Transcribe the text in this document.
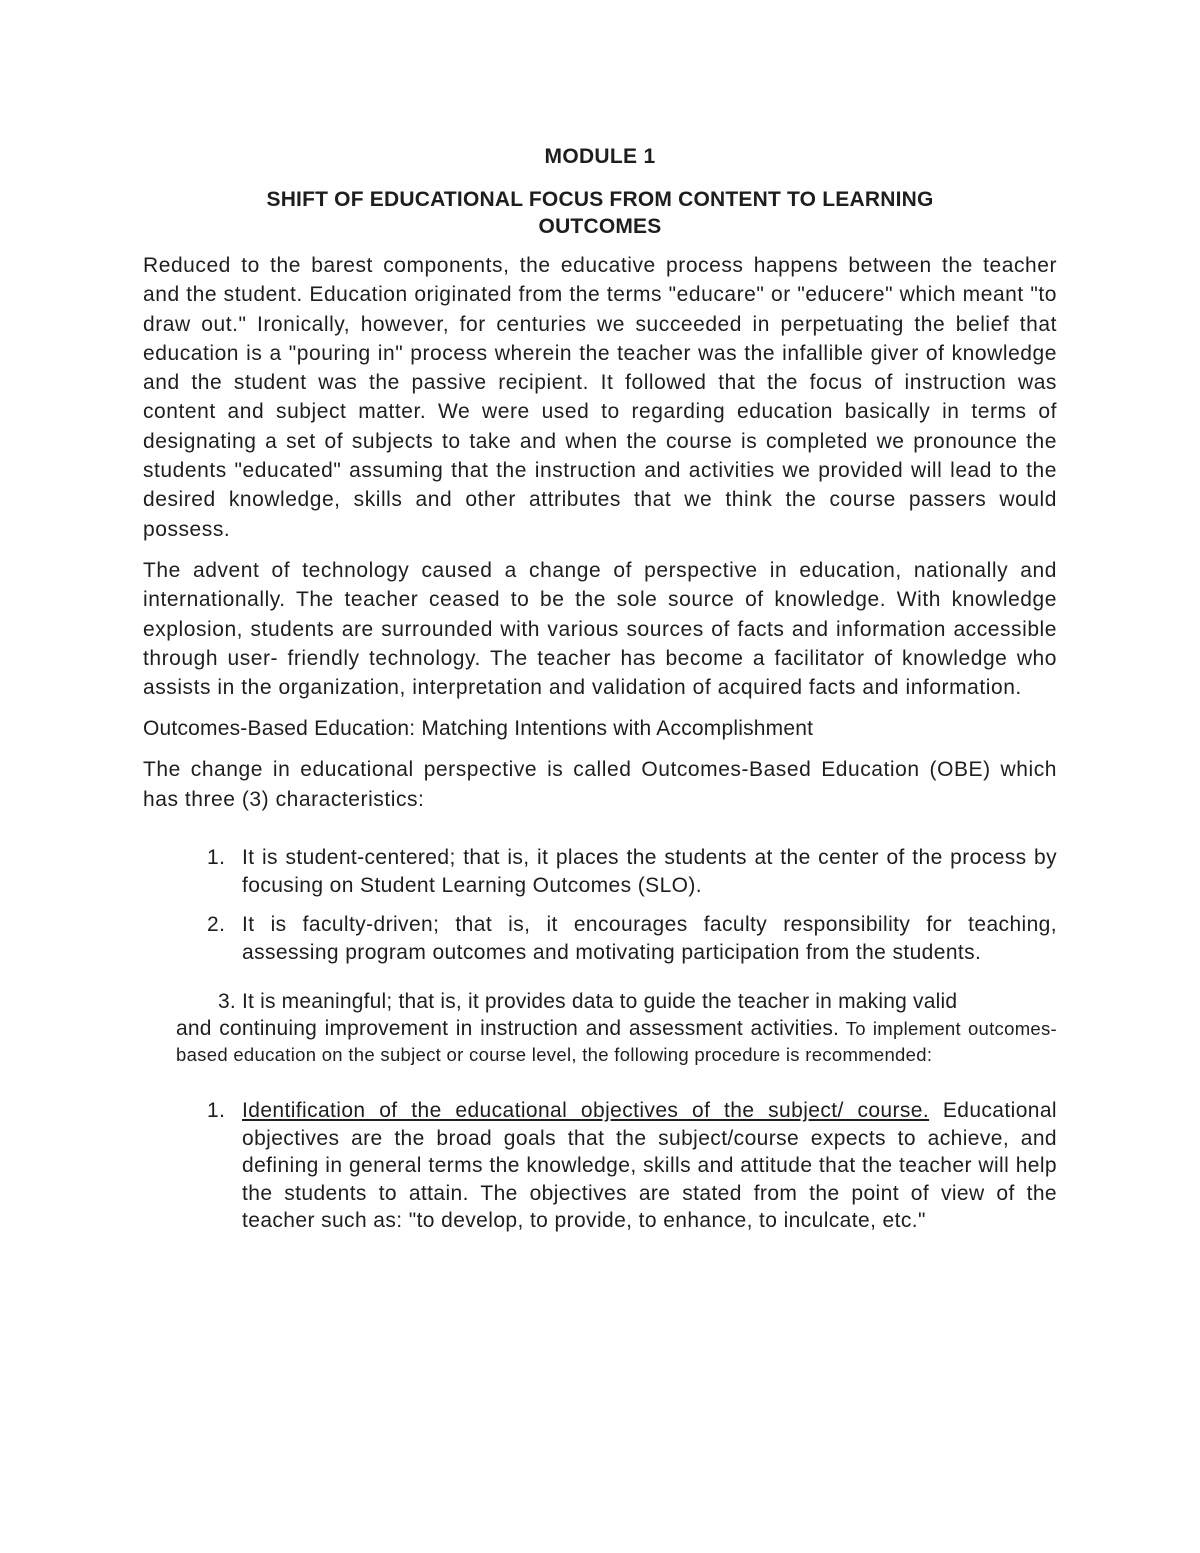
MODULE 1
SHIFT OF EDUCATIONAL FOCUS FROM CONTENT TO LEARNING
OUTCOMES

Reduced to the barest components, the educative process happens between the teacher and the student. Education originated from the terms "educare" or "educere" which meant "to draw out." Ironically, however, for centuries we succeeded in perpetuating the belief that education is a "pouring in" process wherein the teacher was the infallible giver of knowledge and the student was the passive recipient. It followed that the focus of instruction was content and subject matter. We were used to regarding education basically in terms of designating a set of subjects to take and when the course is completed we pronounce the students "educated" assuming that the instruction and activities we provided will lead to the desired knowledge, skills and other attributes that we think the course passers would possess.

The advent of technology caused a change of perspective in education, nationally and internationally. The teacher ceased to be the sole source of knowledge. With knowledge explosion, students are surrounded with various sources of facts and information accessible through user- friendly technology. The teacher has become a facilitator of knowledge who assists in the organization, interpretation and validation of acquired facts and information.

Outcomes-Based Education: Matching Intentions with Accomplishment

The change in educational perspective is called Outcomes-Based Education (OBE) which has three (3) characteristics:

1. It is student-centered; that is, it places the students at the center of the process by focusing on Student Learning Outcomes (SLO).
2. It is faculty-driven; that is, it encourages faculty responsibility for teaching, assessing program outcomes and motivating participation from the students.
3. It is meaningful; that is, it provides data to guide the teacher in making valid
and continuing improvement in instruction and assessment activities. To implement outcomes-based education on the subject or course level, the following procedure is recommended:
1. Identification of the educational objectives of the subject/ course. Educational objectives are the broad goals that the subject/course expects to achieve, and defining in general terms the knowledge, skills and attitude that the teacher will help the students to attain. The objectives are stated from the point of view of the teacher such as: "to develop, to provide, to enhance, to inculcate, etc."
